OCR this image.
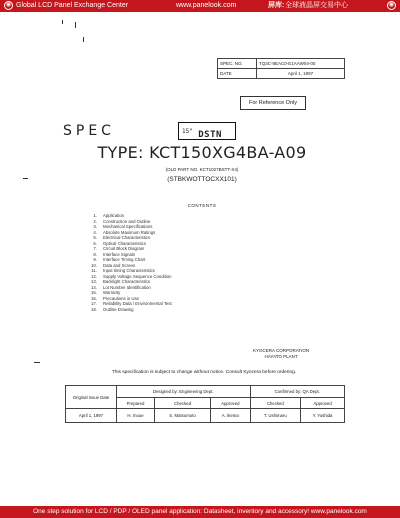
◉ Global LCD Panel Exchange Center	www.panelook.com	屏库: 全球液晶屏交易中心	◉
SPEC. NO.	TQ3C-8EAC0-E1AAW04-00
DATE	April 1, 1997
For Reference Only
SPEC	$^{15"}$ DSTN
TYPE: KCT150XG4BA-A09
(OLD PART NO. KCT1027BSTT-X4)
(STBKWOTTOCXX101)
CONTENTS
1. Application
2. Construction and Outline
3. Mechanical Specifications
4. Absolute Maximum Ratings
5. Electrical Characteristics
6. Optical Characteristics
7. Circuit Block Diagram
8. Interface Signals
9. Interface Timing Chart
10. Data and Screen
11. Input timing Characteristics
12. Supply Voltage Sequence Condition
13. Backlight Characteristics
14. Lot Number Identification
15. Warranty
16. Precautions in Use
17. Reliability Data / Environmental Test
18. Outline Drawing
KYOCERA CORPORATION
HAYATO PLANT
This specification is subject to change without notice. Consult Kyocera before ordering.
Original Issue Date	Designed by: Engineering Dept.			Confirmed by: QA Dept.	
	Prepared	Checked	Approved	Checked	Approved
April 1, 1997	H. Inoue	S. Matsumoto	A. Ikema	T. Ushimaru	Y. Yoshida
One step solution for LCD / PDP / OLED panel application: Datasheet, inventory and accessory! www.panelook.com
